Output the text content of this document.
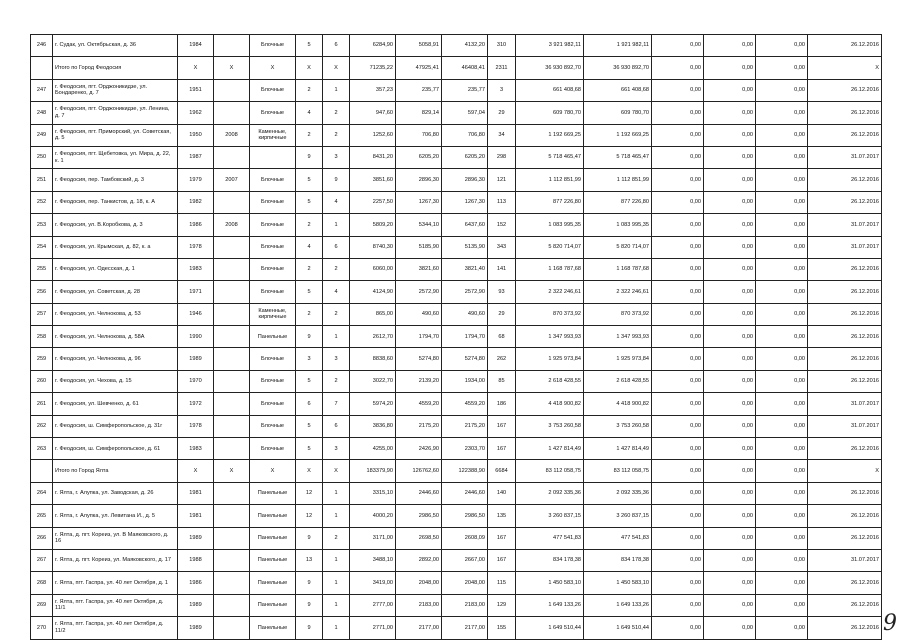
246	г. Судак, ул. Октябрьская, д. 36	1984		Блочные	5	6	6284,90	5058,91	4132,20	310	3 921 982,11	1 921 982,11	0,00	0,00	0,00	26.12.2016
	Итого по Город Феодосия	X	X	X	X	X	71235,22	47925,41	46408,41	2311	36 930 892,70	36 930 892,70	0,00	0,00	0,00	X
247	г. Феодосия, пгт. Орджоникидзе, ул. Бондаренко, д. 7	1951		Блочные	2	1	357,23	235,77	235,77	3	661 408,68	661 408,68	0,00	0,00	0,00	26.12.2016
248	г. Феодосия, пгт. Орджоникидзе, ул. Ленина, д. 7	1962		Блочные	4	2	947,60	829,14	597,04	29	609 780,70	609 780,70	0,00	0,00	0,00	26.12.2016
249	г. Феодосия, пгт. Приморский, ул. Советская, д. 5	1950	2008	Каменные, кирпичные	2	2	1252,60	706,80	706,80	34	1 192 669,25	1 192 669,25	0,00	0,00	0,00	26.12.2016
250	г. Феодосия, пгт. Щебетовка, ул. Мира, д. 22, к. 1	1987			9	3	8431,20	6205,20	6205,20	298	5 718 465,47	5 718 465,47	0,00	0,00	0,00	31.07.2017
251	г. Феодосия, пер. Тамбовский, д. 3	1979	2007	Блочные	5	9	3851,60	2896,30	2896,30	121	1 112 851,99	1 112 851,99	0,00	0,00	0,00	26.12.2016
252	г. Феодосия, пер. Танкистов, д. 18, к. А	1982		Блочные	5	4	2257,50	1267,30	1267,30	113	877 226,80	877 226,80	0,00	0,00	0,00	26.12.2016
253	г. Феодосия, ул. В.Коробкова, д. 3	1986	2008	Блочные	2	1	5809,20	5344,10	6437,60	152	1 083 995,35	1 083 995,35	0,00	0,00	0,00	31.07.2017
254	г. Феодосия, ул. Крымская, д. 82, к. а	1978		Блочные	4	6	8740,30	5185,90	5135,90	343	5 820 714,07	5 820 714,07	0,00	0,00	0,00	31.07.2017
255	г. Феодосия, ул. Одесская, д. 1	1983		Блочные	2	2	6060,00	3821,60	3821,40	141	1 168 787,68	1 168 787,68	0,00	0,00	0,00	26.12.2016
256	г. Феодосия, ул. Советская, д. 28	1971		Блочные	5	4	4124,90	2572,90	2572,90	93	2 322 246,61	2 322 246,61	0,00	0,00	0,00	26.12.2016
257	г. Феодосия, ул. Челнокова, д. 53	1946		Каменные, кирпичные	2	2	865,00	490,60	490,60	29	870 373,92	870 373,92	0,00	0,00	0,00	26.12.2016
258	г. Феодосия, ул. Челнокова, д. 58А	1990		Панельные	9	1	2612,70	1794,70	1794,70	68	1 347 993,93	1 347 993,93	0,00	0,00	0,00	26.12.2016
259	г. Феодосия, ул. Челнокова, д. 96	1989		Блочные	3	3	8838,60	5274,80	5274,80	262	1 925 973,84	1 925 973,84	0,00	0,00	0,00	26.12.2016
260	г. Феодосия, ул. Чехова, д. 15	1970		Блочные	5	2	3022,70	2139,20	1934,00	85	2 618 428,55	2 618 428,55	0,00	0,00	0,00	26.12.2016
261	г. Феодосия, ул. Шевченко, д. 61	1972		Блочные	6	7	5974,20	4559,20	4559,20	186	4 418 900,82	4 418 900,82	0,00	0,00	0,00	31.07.2017
262	г. Феодосия, ш. Симферопольское, д. 31г	1978		Блочные	5	6	3836,80	2175,20	2175,20	167	3 753 260,58	3 753 260,58	0,00	0,00	0,00	31.07.2017
263	г. Феодосия, ш. Симферопольское, д. 61	1983		Блочные	5	3	4255,00	2426,90	2303,70	167	1 427 814,49	1 427 814,49	0,00	0,00	0,00	26.12.2016
	Итого по Город Ялта	X	X	X	X	X	183379,90	126762,60	122388,90	6684	83 112 058,75	83 112 058,75	0,00	0,00	0,00	X
264	г. Ялта, г. Алупка, ул. Заводская, д. 26	1981		Панельные	12	1	3315,10	2446,60	2446,60	140	2 092 335,36	2 092 335,36	0,00	0,00	0,00	26.12.2016
265	г. Ялта, г. Алупка, ул. Левитана И., д. 5	1981		Панельные	12	1	4000,20	2986,50	2986,50	135	3 260 837,15	3 260 837,15	0,00	0,00	0,00	26.12.2016
266	г. Ялта, д. пгт. Кореиз, ул. В Маяковского, д. 16	1989		Панельные	9	2	3171,00	2698,50	2608,09	167	477 541,83	477 541,83	0,00	0,00	0,00	26.12.2016
267	г. Ялта, д. пгт. Кореиз, ул. Маяковского, д. 17	1988		Панельные	13	1	3488,10	2892,00	2667,00	167	834 178,38	834 178,38	0,00	0,00	0,00	31.07.2017
268	г. Ялта, пгт. Гаспра, ул. 40 лет Октября, д. 1	1986		Панельные	9	1	3419,00	2048,00	2048,00	115	1 450 583,10	1 450 583,10	0,00	0,00	0,00	26.12.2016
269	г. Ялта, пгт. Гаспра, ул. 40 лет Октября, д. 11/1	1989		Панельные	9	1	2777,00	2183,00	2183,00	129	1 649 133,26	1 649 133,26	0,00	0,00	0,00	26.12.2016
270	г. Ялта, пгт. Гаспра, ул. 40 лет Октября, д. 11/2	1989		Панельные	9	1	2771,00	2177,00	2177,00	155	1 649 510,44	1 649 510,44	0,00	0,00	0,00	26.12.2016 9
